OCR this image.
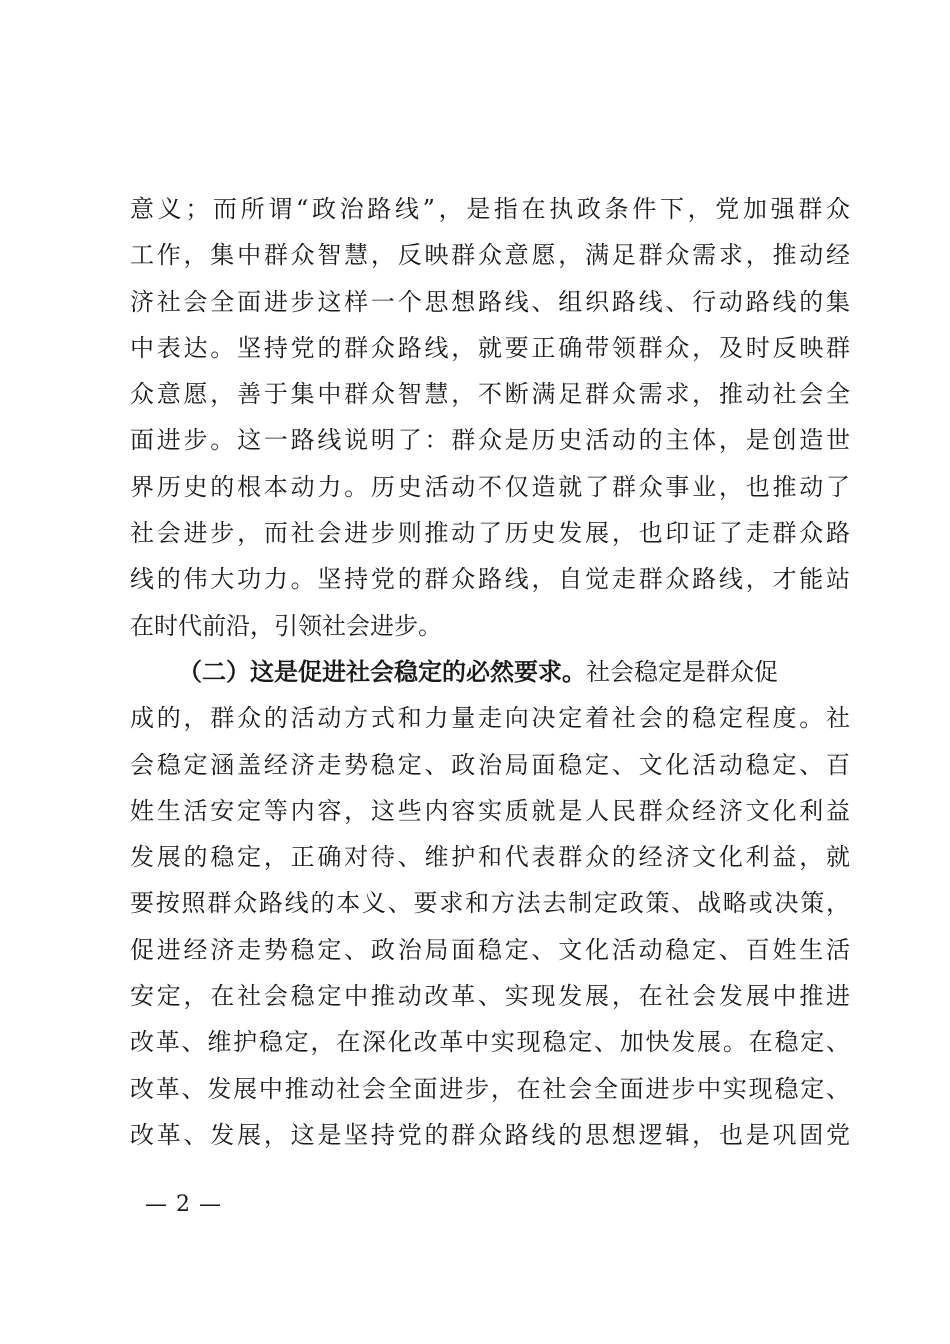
意义；而所谓“政治路线”，是指在执政条件下，党加强群众
工作，集中群众智慧，反映群众意愿，满足群众需求，推动经
济社会全面进步这样一个思想路线、组织路线、行动路线的集
中表达。坚持党的群众路线，就要正确带领群众，及时反映群
众意愿，善于集中群众智慧，不断满足群众需求，推动社会全
面进步。这一路线说明了：群众是历史活动的主体，是创造世
界历史的根本动力。历史活动不仅造就了群众事业，也推动了
社会进步，而社会进步则推动了历史发展，也印证了走群众路
线的伟大功力。坚持党的群众路线，自觉走群众路线，才能站
在时代前沿，引领社会进步。
（二）这是促进社会稳定的必然要求。社会稳定是群众促
成的，群众的活动方式和力量走向决定着社会的稳定程度。社
会稳定涵盖经济走势稳定、政治局面稳定、文化活动稳定、百
姓生活安定等内容，这些内容实质就是人民群众经济文化利益
发展的稳定，正确对待、维护和代表群众的经济文化利益，就
要按照群众路线的本义、要求和方法去制定政策、战略或决策，
促进经济走势稳定、政治局面稳定、文化活动稳定、百姓生活
安定，在社会稳定中推动改革、实现发展，在社会发展中推进
改革、维护稳定，在深化改革中实现稳定、加快发展。在稳定、
改革、发展中推动社会全面进步，在社会全面进步中实现稳定、
改革、发展，这是坚持党的群众路线的思想逻辑，也是巩固党
— 2 —
